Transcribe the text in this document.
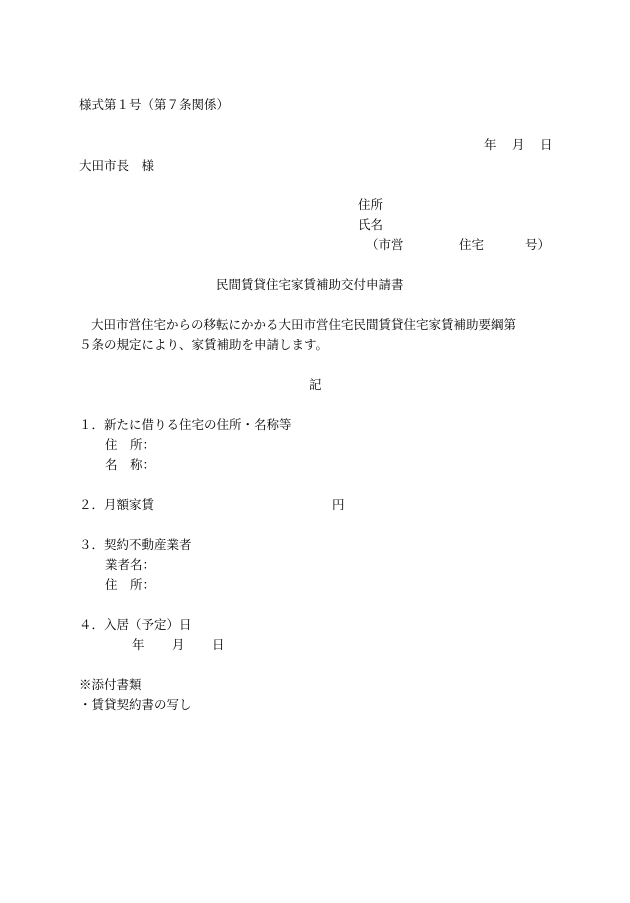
様式第１号（第７条関係）
年 月 日
大田市長　様
住所
氏名
（市営	住宅	号）
民間賃貸住宅家賃補助交付申請書
大田市営住宅からの移転にかかる大田市営住宅民間賃貸住宅家賃補助要綱第
５条の規定により、家賃補助を申請します。
記
１．新たに借りる住宅の住所・名称等
住　所：
名　称：
２．月額家賃	円
３．契約不動産業者
業者名：
住　所：
４．入居（予定）日
年 月 日
※添付書類
・賃貸契約書の写し
